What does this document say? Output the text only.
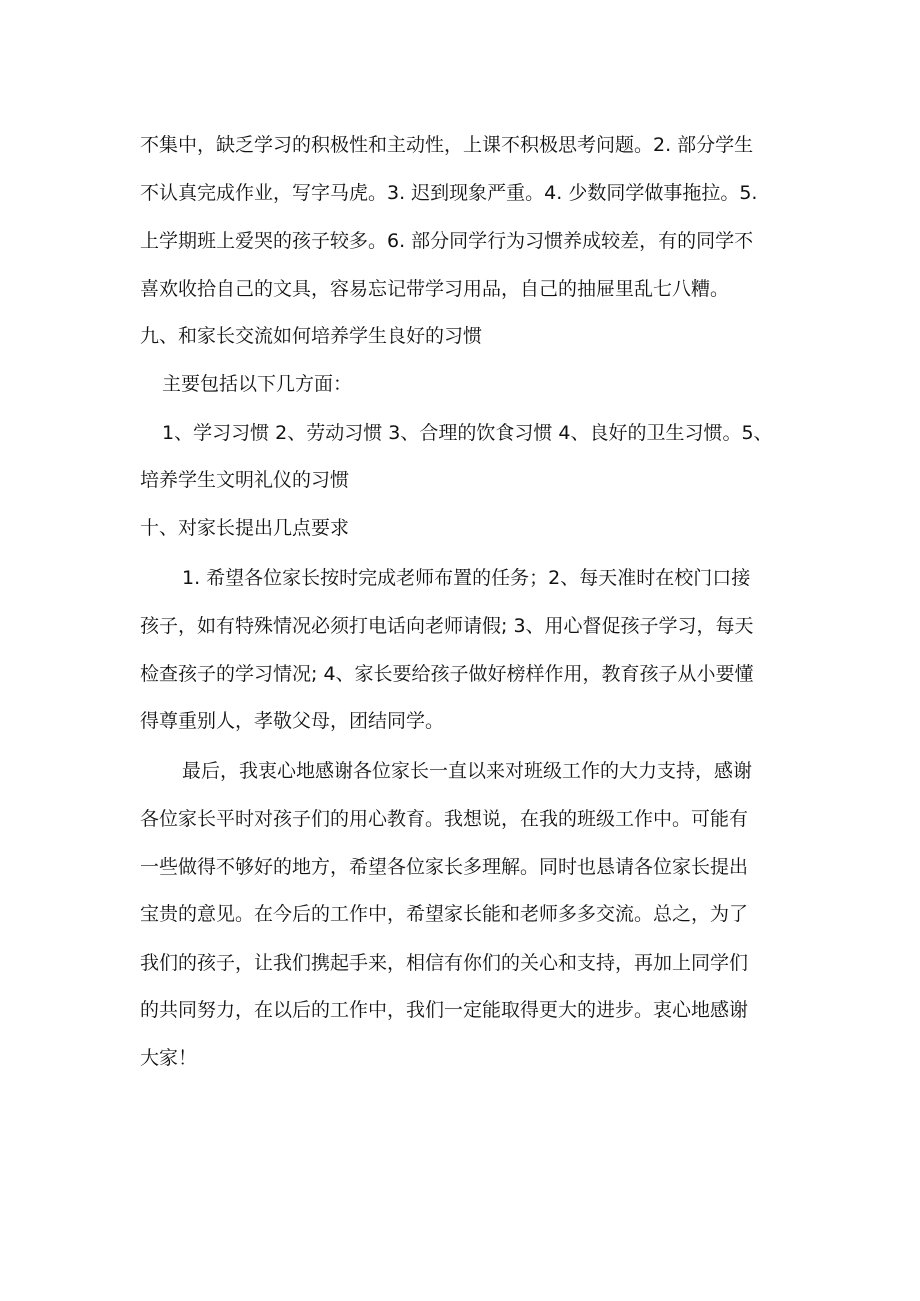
不集中，缺乏学习的积极性和主动性，上课不积极思考问题。2. 部分学生
不认真完成作业，写字马虎。3. 迟到现象严重。4. 少数同学做事拖拉。5.
上学期班上爱哭的孩子较多。6. 部分同学行为习惯养成较差，有的同学不
喜欢收拾自己的文具，容易忘记带学习用品，自己的抽屉里乱七八糟。
九、和家长交流如何培养学生良好的习惯
主要包括以下几方面：
1、学习习惯 2、劳动习惯 3、合理的饮食习惯 4、良好的卫生习惯。5、
培养学生文明礼仪的习惯
十、对家长提出几点要求
1. 希望各位家长按时完成老师布置的任务；2、每天准时在校门口接
孩子，如有特殊情况必须打电话向老师请假; 3、用心督促孩子学习，每天
检查孩子的学习情况; 4、家长要给孩子做好榜样作用，教育孩子从小要懂
得尊重别人，孝敬父母，团结同学。
最后，我衷心地感谢各位家长一直以来对班级工作的大力支持，感谢
各位家长平时对孩子们的用心教育。我想说，在我的班级工作中。可能有
一些做得不够好的地方，希望各位家长多理解。同时也恳请各位家长提出
宝贵的意见。在今后的工作中，希望家长能和老师多多交流。总之，为了
我们的孩子，让我们携起手来，相信有你们的关心和支持，再加上同学们
的共同努力，在以后的工作中，我们一定能取得更大的进步。衷心地感谢
大家！
